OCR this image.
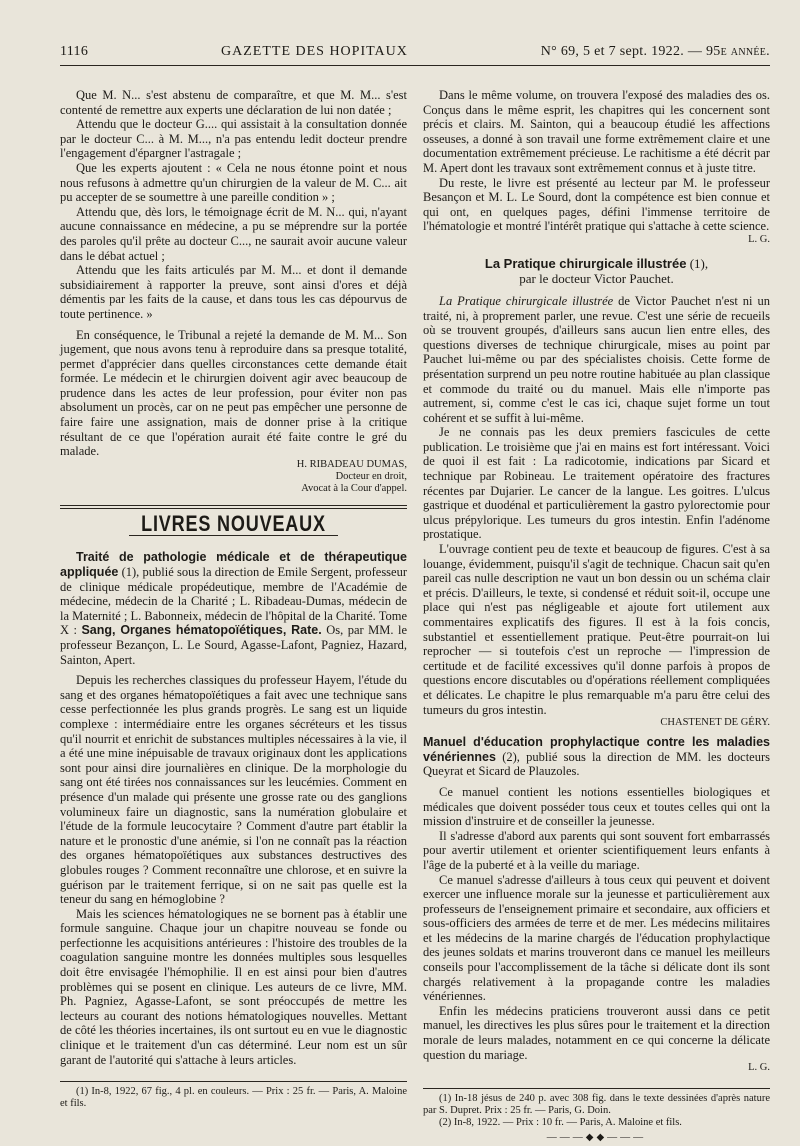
1116	GAZETTE DES HOPITAUX	N° 69, 5 et 7 sept. 1922. — 95e année.

Que M. N... s'est abstenu de comparaître, et que M. M... s'est contenté de remettre aux experts une déclaration de lui non datée ;

Attendu que le docteur G.... qui assistait à la consultation donnée par le docteur C... à M. M..., n'a pas entendu ledit docteur prendre l'engagement d'épargner l'astragale ;

Que les experts ajoutent : « Cela ne nous étonne point et nous nous refusons à admettre qu'un chirurgien de la valeur de M. C... ait pu accepter de se soumettre à une pareille condition » ;

Attendu que, dès lors, le témoignage écrit de M. N... qui, n'ayant aucune connaissance en médecine, a pu se méprendre sur la portée des paroles qu'il prête au docteur C..., ne saurait avoir aucune valeur dans le débat actuel ;

Attendu que les faits articulés par M. M... et dont il demande subsidiairement à rapporter la preuve, sont ainsi d'ores et déjà démentis par les faits de la cause, et dans tous les cas dépourvus de toute pertinence. »

En conséquence, le Tribunal a rejeté la demande de M. M... Son jugement, que nous avons tenu à reproduire dans sa presque totalité, permet d'apprécier dans quelles circonstances cette demande était formée. Le médecin et le chirurgien doivent agir avec beaucoup de prudence dans les actes de leur profession, pour éviter non pas absolument un procès, car on ne peut pas empêcher une personne de faire faire une assignation, mais de donner prise à la critique résultant de ce que l'opération aurait été faite contre le gré du malade.

H. RIBADEAU DUMAS,
Docteur en droit,
Avocat à la Cour d'appel.
LIVRES NOUVEAUX

Traité de pathologie médicale et de thérapeutique appliquée (1), publié sous la direction de Emile Sergent, professeur de clinique médicale propédeutique, membre de l'Académie de médecine, médecin de la Charité ; L. Ribadeau-Dumas, médecin de la Maternité ; L. Babonneix, médecin de l'hôpital de la Charité. Tome X : Sang, Organes hématopoïétiques, Rate. Os, par MM. le professeur Bezançon, L. Le Sourd, Agasse-Lafont, Pagniez, Hazard, Sainton, Apert.

Depuis les recherches classiques du professeur Hayem, l'étude du sang et des organes hématopoïétiques a fait avec une technique sans cesse perfectionnée les plus grands progrès. Le sang est un liquide complexe : intermédiaire entre les organes sécréteurs et les tissus qu'il nourrit et enrichit de substances multiples nécessaires à la vie, il a été une mine inépuisable de travaux originaux dont les applications sont pour ainsi dire journalières en clinique. De la morphologie du sang ont été tirées nos connaissances sur les leucémies. Comment en présence d'un malade qui présente une grosse rate ou des ganglions volumineux faire un diagnostic, sans la numération globulaire et l'étude de la formule leucocytaire ? Comment d'autre part établir la nature et le pronostic d'une anémie, si l'on ne connaît pas la réaction des organes hématopoïétiques aux substances destructives des globules rouges ? Comment reconnaître une chlorose, et en suivre la guérison par le traitement ferrique, si on ne sait pas quelle est la teneur du sang en hémoglobine ?

Mais les sciences hématologiques ne se bornent pas à établir une formule sanguine. Chaque jour un chapitre nouveau se fonde ou perfectionne les acquisitions antérieures : l'histoire des troubles de la coagulation sanguine montre les données multiples sous lesquelles doit être envisagée l'hémophilie. Il en est ainsi pour bien d'autres problèmes qui se posent en clinique. Les auteurs de ce livre, MM. Ph. Pagniez, Agasse-Lafont, se sont préoccupés de mettre les lecteurs au courant des notions hématologiques nouvelles. Mettant de côté les théories incertaines, ils ont surtout eu en vue le diagnostic clinique et le traitement d'un cas déterminé. Leur nom est un sûr garant de l'autorité qui s'attache à leurs articles.

(1) In-8, 1922, 67 fig., 4 pl. en couleurs. — Prix : 25 fr. — Paris, A. Maloine et fils.

Dans le même volume, on trouvera l'exposé des maladies des os. Conçus dans le même esprit, les chapitres qui les concernent sont précis et clairs. M. Sainton, qui a beaucoup étudié les affections osseuses, a donné à son travail une forme extrêmement claire et une documentation extrêmement précieuse. Le rachitisme a été décrit par M. Apert dont les travaux sont extrêmement connus et à juste titre.

Du reste, le livre est présenté au lecteur par M. le professeur Besançon et M. L. Le Sourd, dont la compétence est bien connue et qui ont, en quelques pages, défini l'immense territoire de l'hématologie et montré l'intérêt pratique qui s'attache à cette science.

L. G.
La Pratique chirurgicale illustrée (1),
par le docteur Victor Pauchet.

La Pratique chirurgicale illustrée de Victor Pauchet n'est ni un traité, ni, à proprement parler, une revue. C'est une série de recueils où se trouvent groupés, d'ailleurs sans aucun lien entre elles, des questions diverses de technique chirurgicale, mises au point par Pauchet lui-même ou par des spécialistes choisis. Cette forme de présentation surprend un peu notre routine habituée au plan classique et commode du traité ou du manuel. Mais elle n'importe pas autrement, si, comme c'est le cas ici, chaque sujet forme un tout cohérent et se suffit à lui-même.

Je ne connais pas les deux premiers fascicules de cette publication. Le troisième que j'ai en mains est fort intéressant. Voici de quoi il est fait : La radicotomie, indications par Sicard et technique par Robineau. Le traitement opératoire des fractures récentes par Dujarier. Le cancer de la langue. Les goitres. L'ulcus gastrique et duodénal et particulièrement la gastro pylorectomie pour ulcus prépylorique. Les tumeurs du gros intestin. Enfin l'adénome prostatique.

L'ouvrage contient peu de texte et beaucoup de figures. C'est à sa louange, évidemment, puisqu'il s'agit de technique. Chacun sait qu'en pareil cas nulle description ne vaut un bon dessin ou un schéma clair et précis. D'ailleurs, le texte, si condensé et réduit soit-il, occupe une place qui n'est pas négligeable et ajoute fort utilement aux commentaires explicatifs des figures. Il est à la fois concis, substantiel et essentiellement pratique. Peut-être pourrait-on lui reprocher — si toutefois c'est un reproche — l'impression de certitude et de facilité excessives qu'il donne parfois à propos de questions encore discutables ou d'opérations réellement compliquées et délicates. Le chapitre le plus remarquable m'a paru être celui des tumeurs du gros intestin.

CHASTENET DE GÉRY.

Manuel d'éducation prophylactique contre les maladies vénériennes (2), publié sous la direction de MM. les docteurs Queyrat et Sicard de Plauzoles.

Ce manuel contient les notions essentielles biologiques et médicales que doivent posséder tous ceux et toutes celles qui ont la mission d'instruire et de conseiller la jeunesse.

Il s'adresse d'abord aux parents qui sont souvent fort embarrassés pour avertir utilement et orienter scientifiquement leurs enfants à l'âge de la puberté et à la veille du mariage.

Ce manuel s'adresse d'ailleurs à tous ceux qui peuvent et doivent exercer une influence morale sur la jeunesse et particulièrement aux professeurs de l'enseignement primaire et secondaire, aux officiers et sous-officiers des armées de terre et de mer. Les médecins militaires et les médecins de la marine chargés de l'éducation prophylactique des jeunes soldats et marins trouveront dans ce manuel les meilleurs conseils pour l'accomplissement de la tâche si délicate dont ils sont chargés relativement à la propagande contre les maladies vénériennes.

Enfin les médecins praticiens trouveront aussi dans ce petit manuel, les directives les plus sûres pour le traitement et la direction morale de leurs malades, notamment en ce qui concerne la délicate question du mariage.

L. G.

(1) In-18 jésus de 240 p. avec 308 fig. dans le texte dessinées d'après nature par S. Dupret. Prix : 25 fr. — Paris, G. Doin.

(2) In-8, 1922. — Prix : 10 fr. — Paris, A. Maloine et fils.

———◆◆———
